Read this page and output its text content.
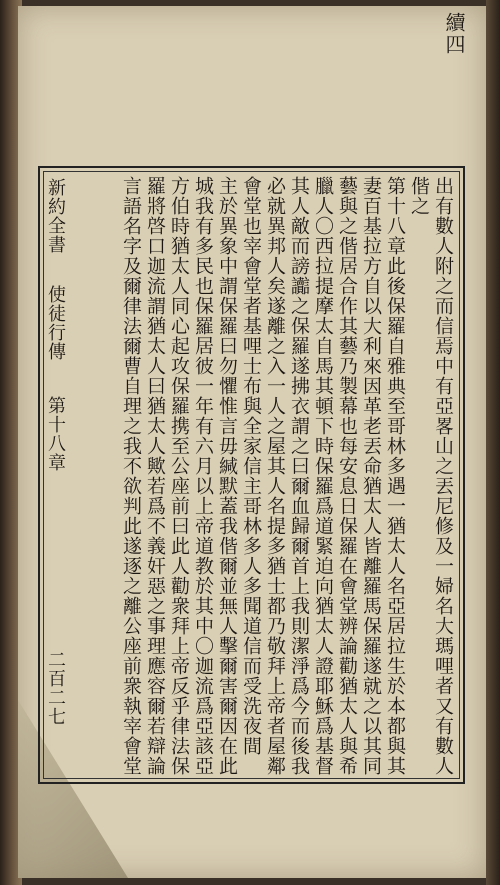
續四
出有數人附之而信焉中有亞畧山之丟尼修及一婦名大瑪哩者又有數人
偕之
第十八章此後保羅自雅典至哥林多遇一猶太人名亞居拉生於本都與其
妻百基拉方自以大利來因革老丟命猶太人皆離羅馬保羅遂就之以其同
藝與之偕居合作其藝乃製幕也每安息日保羅在會堂辨論勸猶太人與希
臘人〇西拉提摩太自馬其頓下時保羅爲道緊迫向猶太人證耶穌爲基督
其人敵而謗讟之保羅遂拂衣謂之曰爾血歸爾首上我則潔淨爲今而後我
必就異邦人矣遂離之入一人之屋其人名提多猶士都乃敬拜上帝者屋鄰
會堂也宰會堂者基哩士布與全家信主哥林多人多聞道信而受洗夜間
主於異象中謂保羅曰勿懼惟言毋緘默蓋我偕爾並無人擊爾害爾因在此
城我有多民也保羅居彼一年有六月以上帝道教於其中〇迦流爲亞該亞
方伯時猶太人同心起攻保羅携至公座前曰此人勸衆拜上帝反乎律法保
羅將啓口迦流謂猶太人曰猶太人歟若爲不義奸惡之事理應容爾若辯論
言語名字及爾律法爾曹自理之我不欲判此遂逐之離公座前衆執宰會堂
新約全書
使徒行傳
第十八章
二百二七
